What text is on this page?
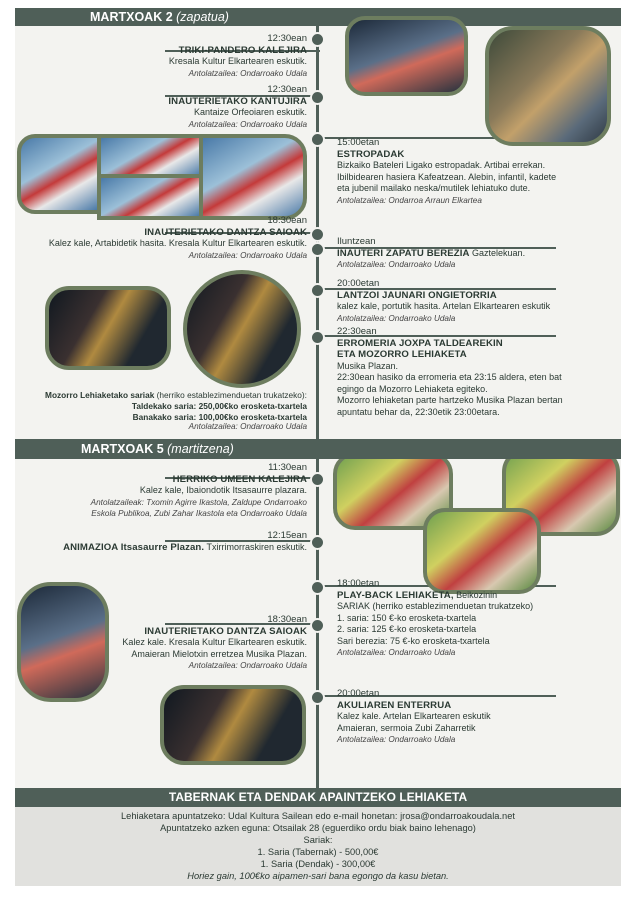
MARTXOAK 2 (zapatua)
12:30ean
TRIKI-PANDERO KALEJIRA
Kresala Kultur Elkartearen eskutik.
Antolatzailea: Ondarroako Udala
12:30ean
INAUTERIETAKO KANTUJIRA
Kantaize Orfeoiaren eskutik.
Antolatzailea: Ondarroako Udala
15:00etan
ESTROPADAK
Bizkaiko Bateleri Ligako estropadak. Artibai errekan.
Ibilbidearen hasiera Kafeatzean. Alebin, infantil, kadete
eta jubenil mailako neska/mutilek lehiatuko dute.
Antolatzailea: Ondarroa Arraun Elkartea
18:30ean
INAUTERIETAKO DANTZA SAIOAK
Kalez kale, Artabidetik hasita. Kresala Kultur Elkartearen eskutik.
Antolatzailea: Ondarroako Udala
Iluntzean
INAUTERI ZAPATU BEREZIA Gaztelekuan.
Antolatzailea: Ondarroako Udala
20:00etan
LANTZOI JAUNARI ONGIETORRIA
kalez kale, portutik hasita. Artelan Elkartearen eskutik
Antolatzailea: Ondarroako Udala
22:30ean
ERROMERIA JOXPA TALDEAREKIN
ETA MOZORRO LEHIAKETA
Musika Plazan.
22:30ean hasiko da erromeria eta 23:15 aldera, eten bat
egingo da Mozorro Lehiaketa egiteko.
Mozorro lehiaketan parte hartzeko Musika Plazan bertan
apuntatu behar da, 22:30etik 23:00etara.
Mozorro Lehiaketako sariak (herriko establezimenduetan trukatzeko):
Taldekako saria: 250,00€ko erosketa-txartela
Banakako saria: 100,00€ko erosketa-txartela
Antolatzailea: Ondarroako Udala
MARTXOAK 5 (martitzena)
11:30ean
HERRIKO UMEEN KALEJIRA
Kalez kale, Ibaiondotik Itsasaurre plazara.
Antolatzaileak: Txomin Agirre Ikastola, Zaldupe Ondarroako
Eskola Publikoa, Zubi Zahar Ikastola eta Ondarroako Udala
12:15ean
ANIMAZIOA Itsasaurre Plazan. Txirrimorraskiren eskutik.
18:00etan
PLAY-BACK LEHIAKETA, Beikozinin
SARIAK (herriko establezimenduetan trukatzeko)
1. saria: 150 €-ko erosketa-txartela
2. saria: 125 €-ko erosketa-txartela
Sari berezia: 75 €-ko erosketa-txartela
Antolatzailea: Ondarroako Udala
18:30ean
INAUTERIETAKO DANTZA SAIOAK
Kalez kale. Kresala Kultur Elkartearen eskutik.
Amaieran Mielotxin erretzea Musika Plazan.
Antolatzailea: Ondarroako Udala
20:00etan
AKULIAREN ENTERRUA
Kalez kale. Artelan Elkartearen eskutik
Amaieran, sermoia Zubi Zaharretik
Antolatzailea: Ondarroako Udala
TABERNAK ETA DENDAK APAINTZEKO LEHIAKETA
Lehiaketara apuntatzeko: Udal Kultura Sailean edo e-mail honetan: jrosa@ondarroakoudala.net
Apuntatzeko azken eguna: Otsailak 28 (eguerdiko ordu biak baino lehenago)
Sariak:
1. Saria (Tabernak) - 500,00€
1. Saria (Dendak) - 300,00€
Horiez gain, 100€ko aipamen-sari bana egongo da kasu bietan.
